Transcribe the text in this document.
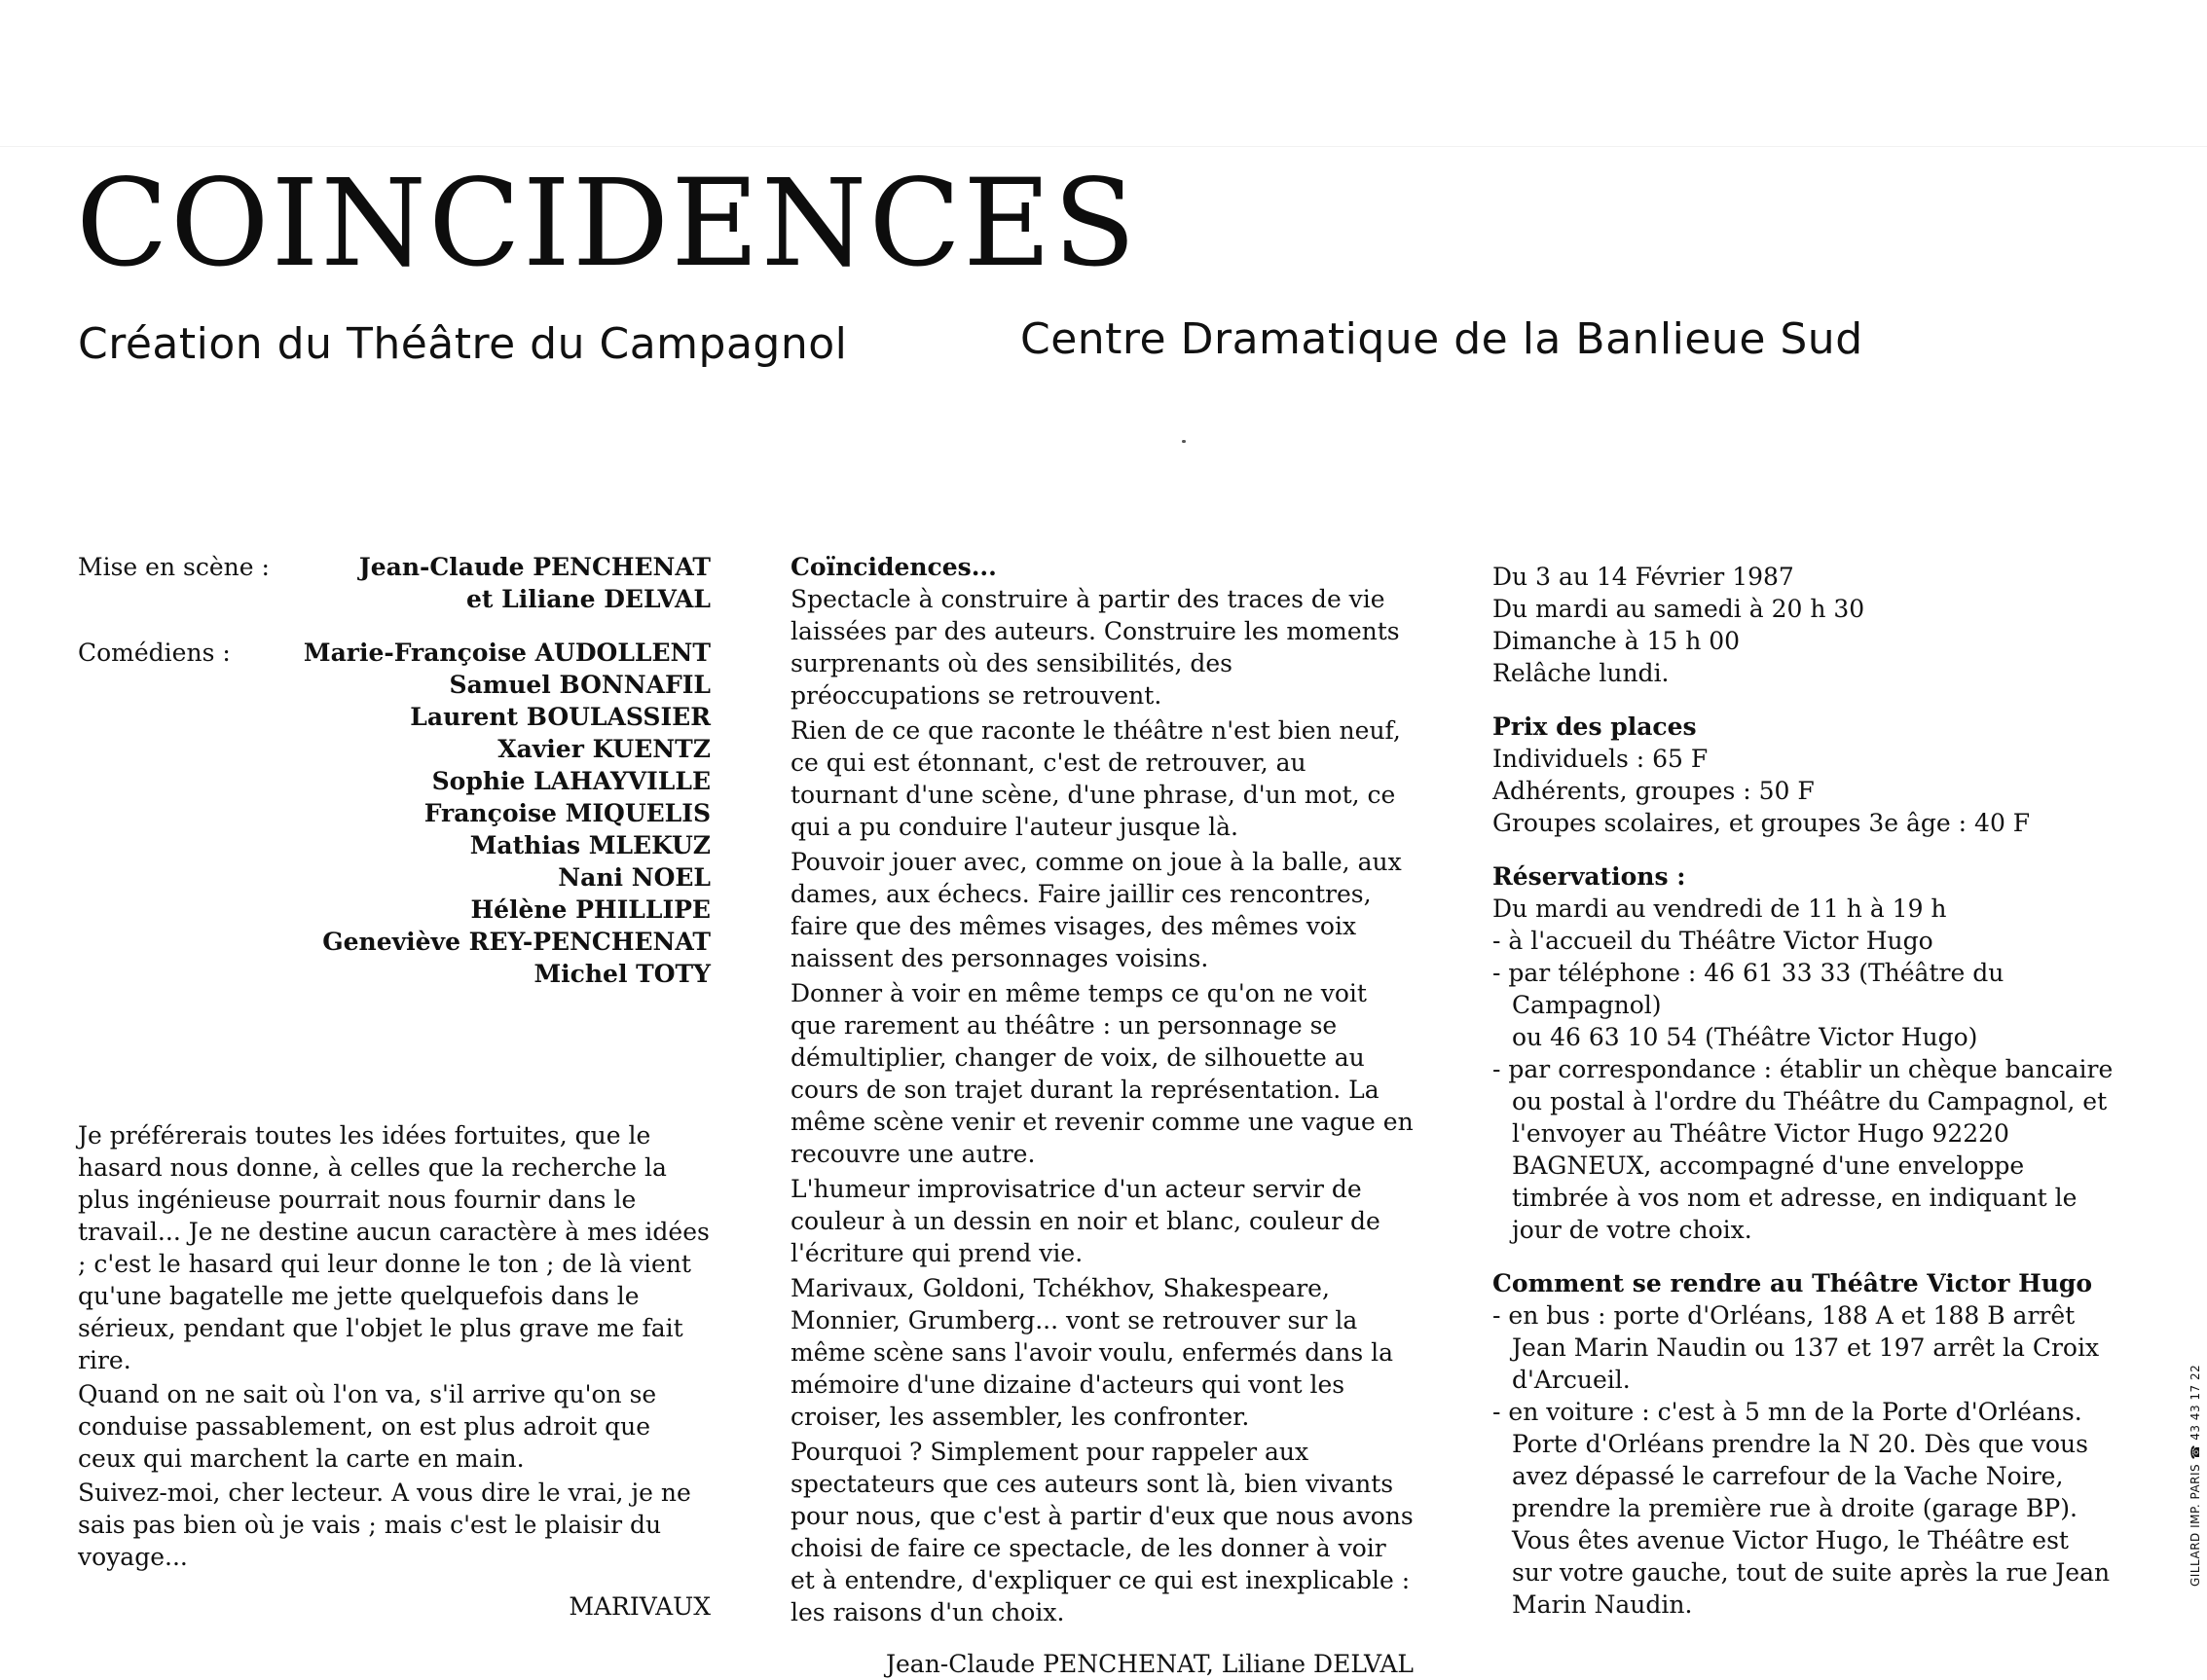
COINCIDENCES
Création du Théâtre du Campagnol	Centre Dramatique de la Banlieue Sud
Mise en scène :	Jean-Claude PENCHENAT
et Liliane DELVAL
Comédiens :	Marie-Françoise AUDOLLENT
Samuel BONNAFIL
Laurent BOULASSIER
Xavier KUENTZ
Sophie LAHAYVILLE
Françoise MIQUELIS
Mathias MLEKUZ
Nani NOEL
Hélène PHILLIPE
Geneviève REY-PENCHENAT
Michel TOTY

Je préférerais toutes les idées fortuites, que le hasard nous donne, à celles que la recherche la plus ingénieuse pourrait nous fournir dans le travail... Je ne destine aucun caractère à mes idées ; c'est le hasard qui leur donne le ton ; de là vient qu'une bagatelle me jette quelquefois dans le sérieux, pendant que l'objet le plus grave me fait rire.

Quand on ne sait où l'on va, s'il arrive qu'on se conduise passablement, on est plus adroit que ceux qui marchent la carte en main.

Suivez-moi, cher lecteur. A vous dire le vrai, je ne sais pas bien où je vais ; mais c'est le plaisir du voyage...

MARIVAUX
Coïncidences...

Spectacle à construire à partir des traces de vie laissées par des auteurs. Construire les moments surprenants où des sensibilités, des préoccupations se retrouvent.

Rien de ce que raconte le théâtre n'est bien neuf, ce qui est étonnant, c'est de retrouver, au tournant d'une scène, d'une phrase, d'un mot, ce qui a pu conduire l'auteur jusque là.

Pouvoir jouer avec, comme on joue à la balle, aux dames, aux échecs. Faire jaillir ces rencontres, faire que des mêmes visages, des mêmes voix naissent des personnages voisins.

Donner à voir en même temps ce qu'on ne voit que rarement au théâtre : un personnage se démultiplier, changer de voix, de silhouette au cours de son trajet durant la représentation. La même scène venir et revenir comme une vague en recouvre une autre.

L'humeur improvisatrice d'un acteur servir de couleur à un dessin en noir et blanc, couleur de l'écriture qui prend vie.

Marivaux, Goldoni, Tchékhov, Shakespeare, Monnier, Grumberg... vont se retrouver sur la même scène sans l'avoir voulu, enfermés dans la mémoire d'une dizaine d'acteurs qui vont les croiser, les assembler, les confronter.

Pourquoi ? Simplement pour rappeler aux spectateurs que ces auteurs sont là, bien vivants pour nous, que c'est à partir d'eux que nous avons choisi de faire ce spectacle, de les donner à voir et à entendre, d'expliquer ce qui est inexplicable : les raisons d'un choix.

Jean-Claude PENCHENAT, Liliane DELVAL
Du 3 au 14 Février 1987
Du mardi au samedi à 20 h 30
Dimanche à 15 h 00
Relâche lundi.
Prix des places
Individuels : 65 F
Adhérents, groupes : 50 F
Groupes scolaires, et groupes 3e âge : 40 F
Réservations :
Du mardi au vendredi de 11 h à 19 h
- à l'accueil du Théâtre Victor Hugo
- par téléphone : 46 61 33 33 (Théâtre du Campagnol)
ou 46 63 10 54 (Théâtre Victor Hugo)
- par correspondance : établir un chèque bancaire ou postal à l'ordre du Théâtre du Campagnol, et l'envoyer au Théâtre Victor Hugo 92220 BAGNEUX, accompagné d'une enveloppe timbrée à vos nom et adresse, en indiquant le jour de votre choix.
Comment se rendre au Théâtre Victor Hugo
- en bus : porte d'Orléans, 188 A et 188 B arrêt Jean Marin Naudin ou 137 et 197 arrêt la Croix d'Arcueil.
- en voiture : c'est à 5 mn de la Porte d'Orléans. Porte d'Orléans prendre la N 20. Dès que vous avez dépassé le carrefour de la Vache Noire, prendre la première rue à droite (garage BP). Vous êtes avenue Victor Hugo, le Théâtre est sur votre gauche, tout de suite après la rue Jean Marin Naudin.
GILLARD IMP. PARIS ☎ 43 43 17 22
